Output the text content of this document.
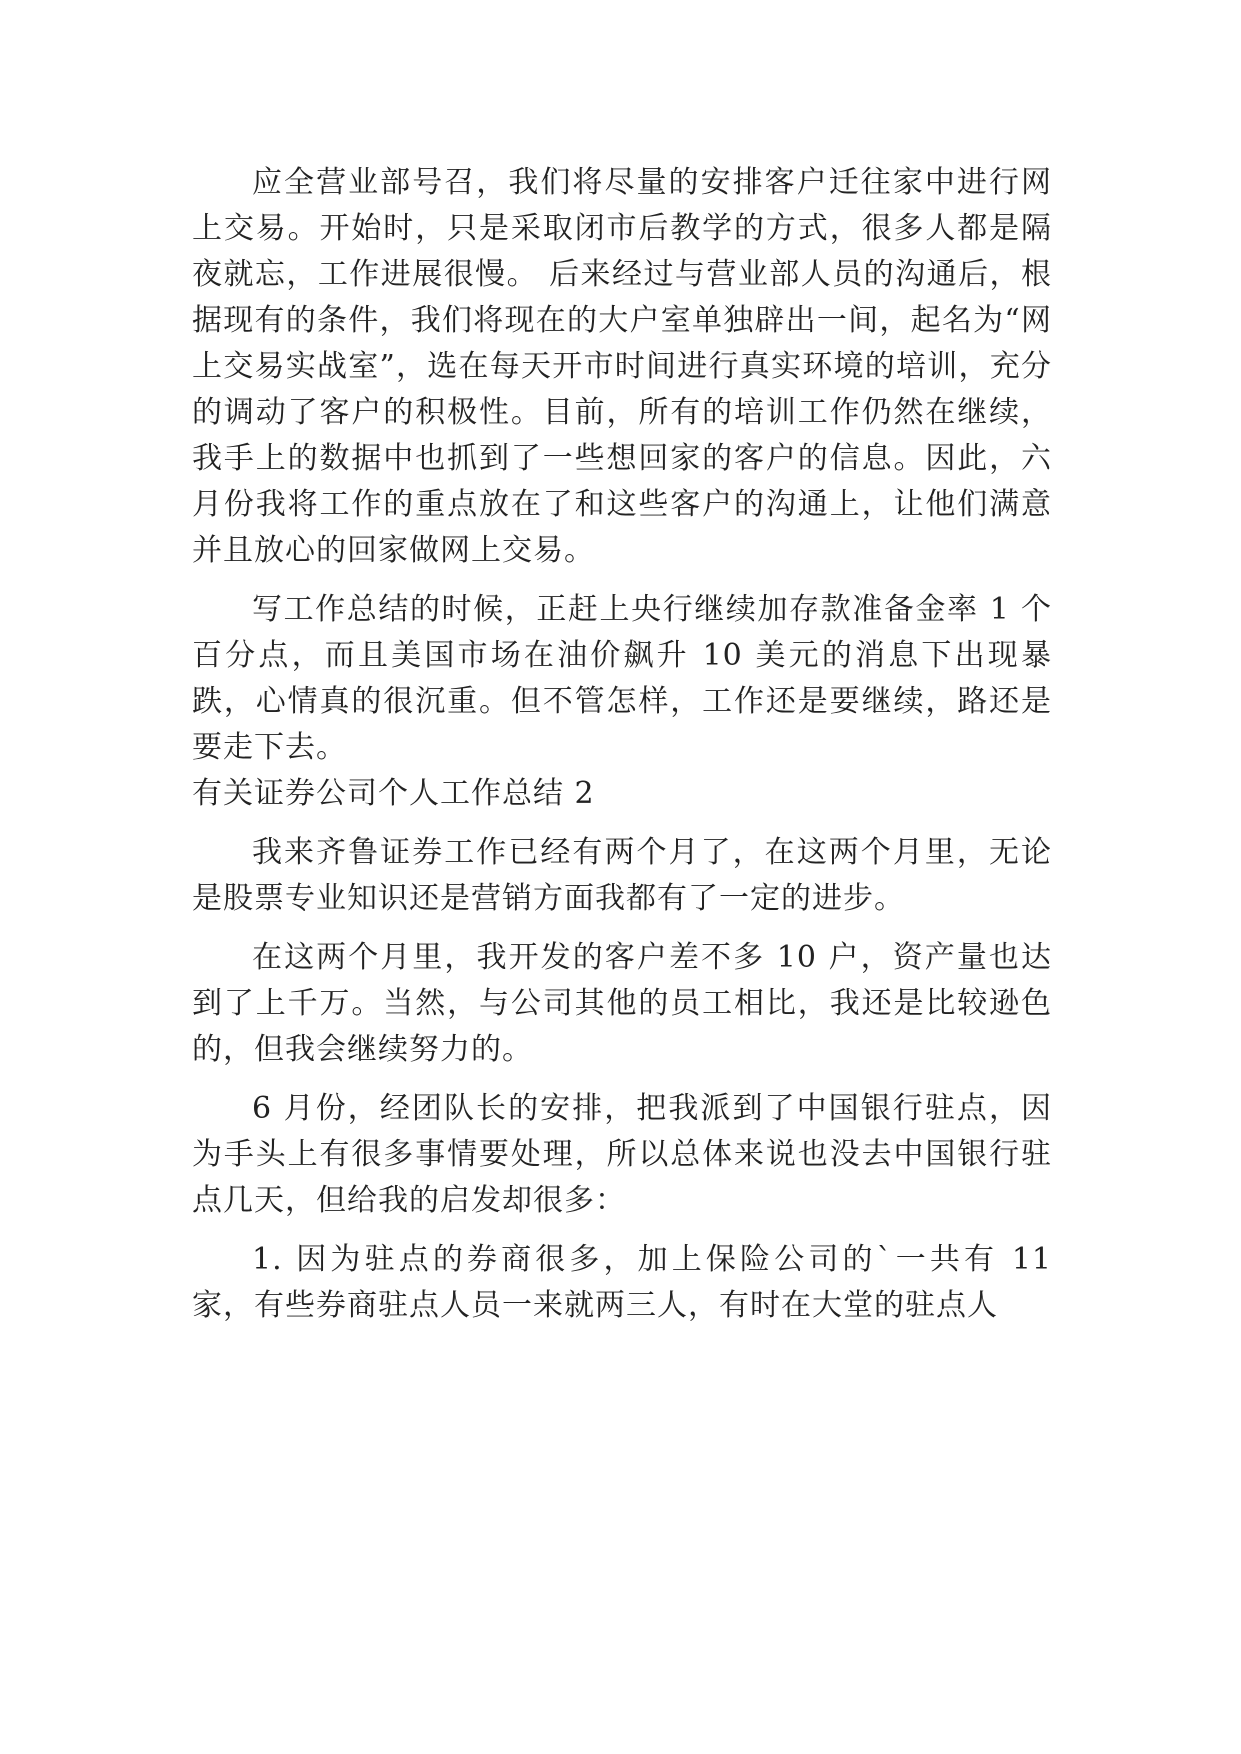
应全营业部号召，我们将尽量的安排客户迁往家中进行网上交易。开始时，只是采取闭市后教学的方式，很多人都是隔夜就忘，工作进展很慢。 后来经过与营业部人员的沟通后，根据现有的条件，我们将现在的大户室单独辟出一间，起名为“网上交易实战室”，选在每天开市时间进行真实环境的培训，充分的调动了客户的积极性。目前，所有的培训工作仍然在继续，我手上的数据中也抓到了一些想回家的客户的信息。因此，六月份我将工作的重点放在了和这些客户的沟通上，让他们满意并且放心的回家做网上交易。

写工作总结的时候，正赶上央行继续加存款准备金率 1 个百分点，而且美国市场在油价飙升 10 美元的消息下出现暴跌，心情真的很沉重。但不管怎样，工作还是要继续，路还是要走下去。

有关证券公司个人工作总结 2

我来齐鲁证券工作已经有两个月了，在这两个月里，无论是股票专业知识还是营销方面我都有了一定的进步。

在这两个月里，我开发的客户差不多 10 户，资产量也达到了上千万。当然，与公司其他的员工相比，我还是比较逊色的，但我会继续努力的。

6 月份，经团队长的安排，把我派到了中国银行驻点，因为手头上有很多事情要处理，所以总体来说也没去中国银行驻点几天，但给我的启发却很多：

1. 因为驻点的券商很多，加上保险公司的`一共有 11 家，有些券商驻点人员一来就两三人，有时在大堂的驻点人
